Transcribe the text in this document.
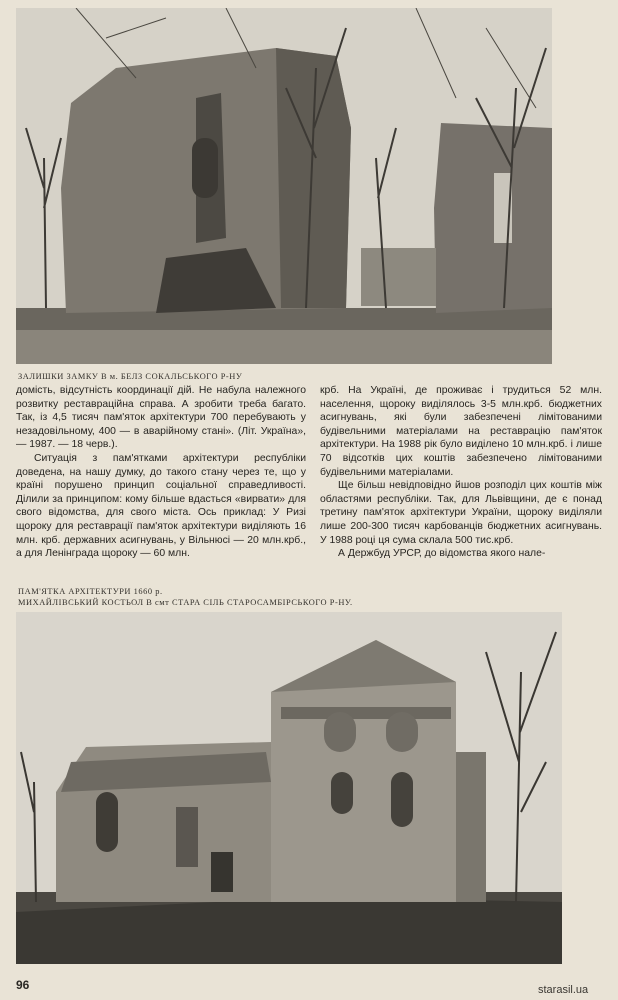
ЗАЛИШКИ ЗАМКУ В м. БЕЛЗ СОКАЛЬСЬКОГО Р-НУ

домість, відсутність координації дій. Не набула належного розвитку реставраційна справа. А зробити треба багато. Так, із 4,5 тисяч пам'яток архітектури 700 перебувають у незадовільному, 400 — в аварійному стані». (Літ. Україна», — 1987. — 18 черв.).

Ситуація з пам'ятками архітектури республіки доведена, на нашу думку, до такого стану через те, що у країні порушено принцип соціальної справедливості. Ділили за принципом: кому більше вдасться «вирвати» для свого відомства, для свого міста. Ось приклад: У Ризі щороку для реставрації пам'яток архітектури виділяють 16 млн. крб. державних асигнувань, у Вільнюсі — 20 млн.крб., а для Ленінграда щороку — 60 млн.

крб. На Україні, де проживає і трудиться 52 млн. населення, щороку виділялось 3-5 млн.крб. бюджетних асигнувань, які були забезпечені лімітованими будівельними матеріалами на реставрацію пам'яток архітектури. На 1988 рік було виділено 10 млн.крб. і лише 70 відсотків цих коштів забезпечено лімітованими будівельними матеріалами.

Ще більш невідповідно йшов розподіл цих коштів між областями республіки. Так, для Львівщини, де є понад третину пам'яток архітектури України, щороку виділяли лише 200-300 тисяч карбованців бюджетних асигнувань. У 1988 році ця сума склала 500 тис.крб.

А Держбуд УРСР, до відомства якого нале-

ПАМ'ЯТКА АРХІТЕКТУРИ 1660 р.
МИХАЙЛІВСЬКИЙ КОСТЬОЛ В смт СТАРА СІЛЬ СТАРОСАМБІРСЬКОГО Р-НУ.
96	starasil.ua
